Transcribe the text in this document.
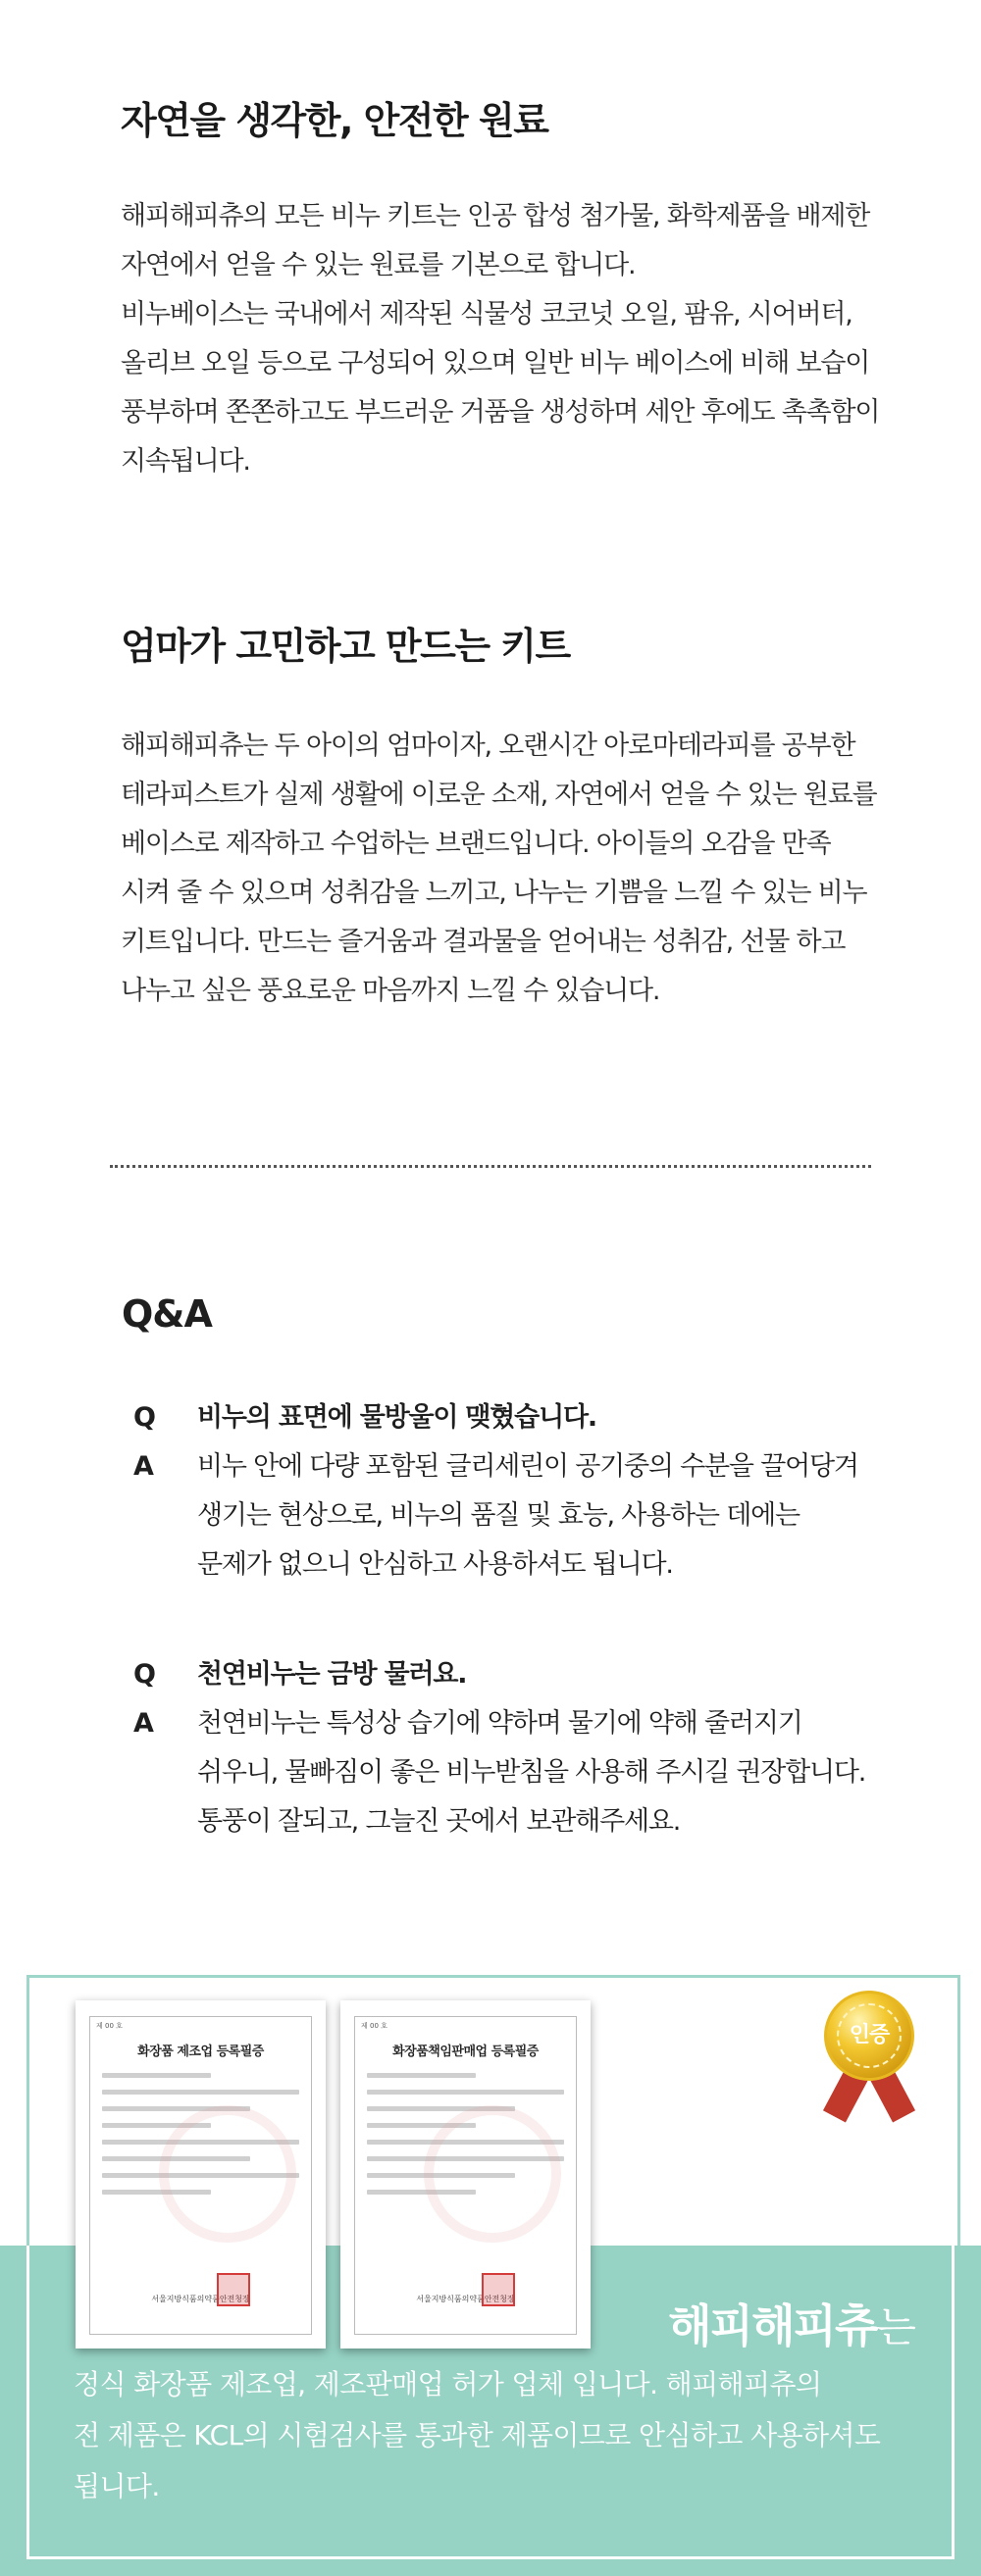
자연을 생각한, 안전한 원료

해피해피츄의 모든 비누 키트는 인공 합성 첨가물, 화학제품을 배제한
자연에서 얻을 수 있는 원료를 기본으로 합니다.
비누베이스는 국내에서 제작된 식물성 코코넛 오일, 팜유, 시어버터,
올리브 오일 등으로 구성되어 있으며 일반 비누 베이스에 비해 보습이
풍부하며 쫀쫀하고도 부드러운 거품을 생성하며 세안 후에도 촉촉함이
지속됩니다.

엄마가 고민하고 만드는 키트

해피해피츄는 두 아이의 엄마이자, 오랜시간 아로마테라피를 공부한
테라피스트가 실제 생활에 이로운 소재, 자연에서 얻을 수 있는 원료를
베이스로 제작하고 수업하는 브랜드입니다. 아이들의 오감을 만족
시켜 줄 수 있으며 성취감을 느끼고, 나누는 기쁨을 느낄 수 있는 비누
키트입니다. 만드는 즐거움과 결과물을 얻어내는 성취감, 선물 하고
나누고 싶은 풍요로운 마음까지 느낄 수 있습니다.

Q&A
Q	비누의 표면에 물방울이 맺혔습니다.
A	비누 안에 다량 포함된 글리세린이 공기중의 수분을 끌어당겨
생기는 현상으로, 비누의 품질 및 효능, 사용하는 데에는
문제가 없으니 안심하고 사용하셔도 됩니다.
Q	천연비누는 금방 물러요.
A	천연비누는 특성상 습기에 약하며 물기에 약해 줄러지기
쉬우니, 물빠짐이 좋은 비누받침을 사용해 주시길 권장합니다.
통풍이 잘되고, 그늘진 곳에서 보관해주세요.
제 00 호
화장품 제조업 등록필증
서울지방식품의약품안전청장
제 00 호
화장품책임판매업 등록필증
서울지방식품의약품안전청장
인증
해피해피츄는
정식 화장품 제조업, 제조판매업 허가 업체 입니다. 해피해피츄의
전 제품은 KCL의 시험검사를 통과한 제품이므로 안심하고 사용하셔도
됩니다.
